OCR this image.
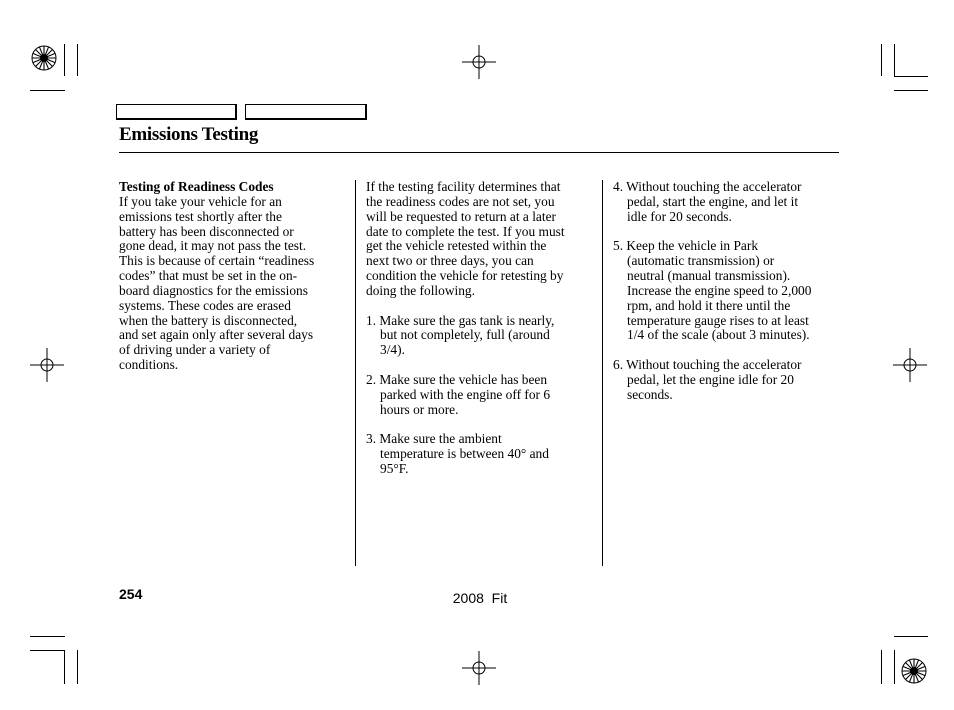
Emissions Testing
Testing of Readiness Codes
If you take your vehicle for an
emissions test shortly after the
battery has been disconnected or
gone dead, it may not pass the test.
This is because of certain “readiness
codes” that must be set in the on-
board diagnostics for the emissions
systems. These codes are erased
when the battery is disconnected,
and set again only after several days
of driving under a variety of
conditions.
If the testing facility determines that
the readiness codes are not set, you
will be requested to return at a later
date to complete the test. If you must
get the vehicle retested within the
next two or three days, you can
condition the vehicle for retesting by
doing the following.
1. Make sure the gas tank is nearly,
but not completely, full (around
3/4).
2. Make sure the vehicle has been
parked with the engine off for 6
hours or more.
3. Make sure the ambient
temperature is between 40° and
95°F.
4. Without touching the accelerator
pedal, start the engine, and let it
idle for 20 seconds.
5. Keep the vehicle in Park
(automatic transmission) or
neutral (manual transmission).
Increase the engine speed to 2,000
rpm, and hold it there until the
temperature gauge rises to at least
1/4 of the scale (about 3 minutes).
6. Without touching the accelerator
pedal, let the engine idle for 20
seconds.
254	2008  Fit
